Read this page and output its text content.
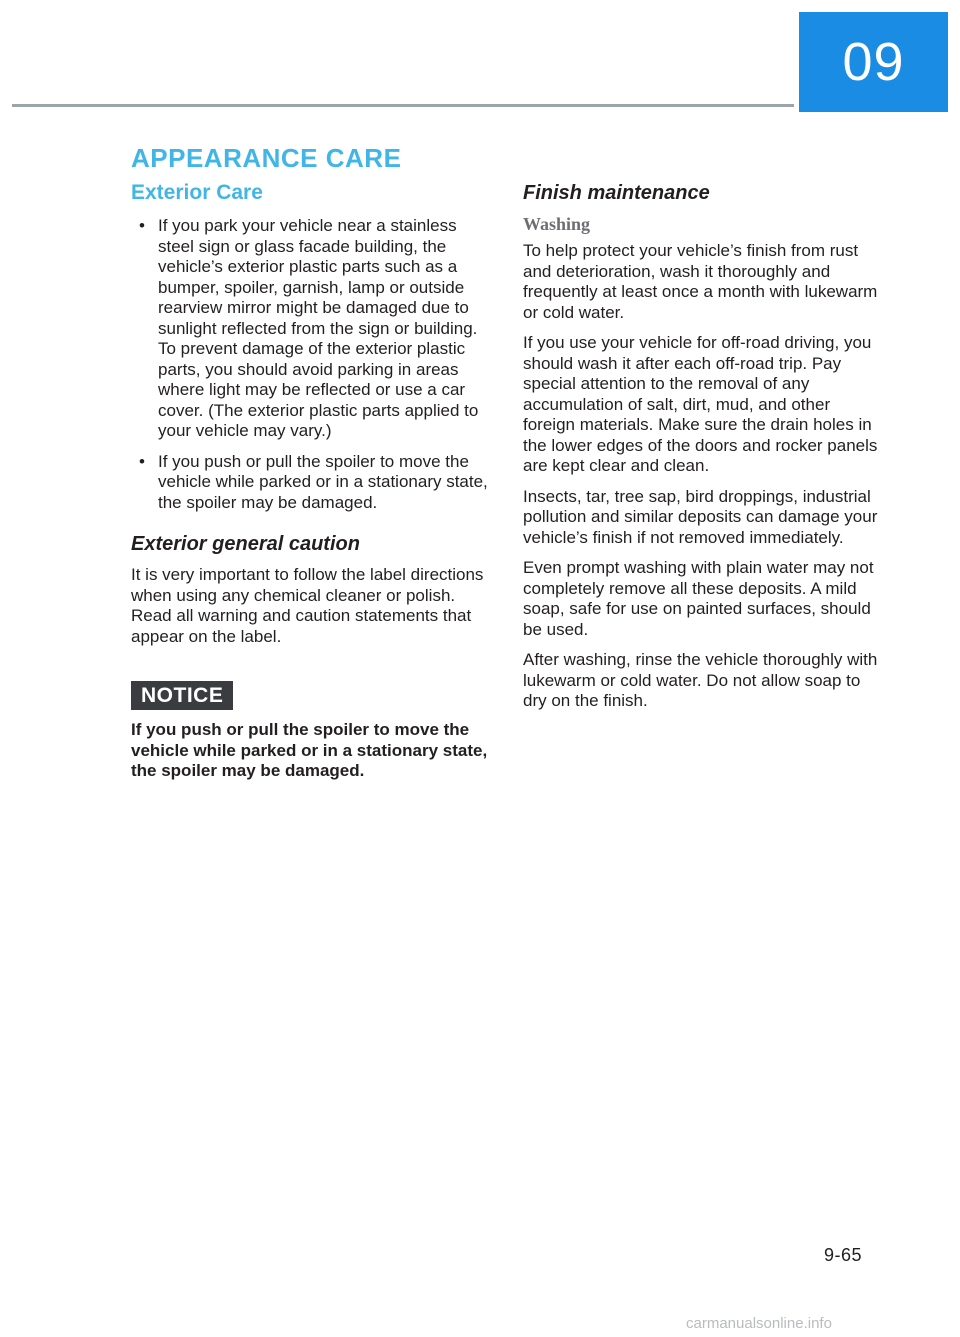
09
APPEARANCE CARE
Exterior Care
• If you park your vehicle near a stainless steel sign or glass facade building, the vehicle’s exterior plastic parts such as a bumper, spoiler, garnish, lamp or outside rearview mirror might be damaged due to sunlight reflected from the sign or building. To prevent damage of the exterior plastic parts, you should avoid parking in areas where light may be reflected or use a car cover. (The exterior plastic parts applied to your vehicle may vary.)
• If you push or pull the spoiler to move the vehicle while parked or in a stationary state, the spoiler may be damaged.
Exterior general caution

It is very important to follow the label directions when using any chemical cleaner or polish. Read all warning and caution statements that appear on the label.

NOTICE

If you push or pull the spoiler to move the vehicle while parked or in a stationary state, the spoiler may be damaged.

Finish maintenance
Washing

To help protect your vehicle’s finish from rust and deterioration, wash it thoroughly and frequently at least once a month with lukewarm or cold water.

If you use your vehicle for off-road driving, you should wash it after each off-road trip. Pay special attention to the removal of any accumulation of salt, dirt, mud, and other foreign materials. Make sure the drain holes in the lower edges of the doors and rocker panels are kept clear and clean.

Insects, tar, tree sap, bird droppings, industrial pollution and similar deposits can damage your vehicle’s finish if not removed immediately.

Even prompt washing with plain water may not completely remove all these deposits. A mild soap, safe for use on painted surfaces, should be used.

After washing, rinse the vehicle thoroughly with lukewarm or cold water. Do not allow soap to dry on the finish.

9-65
carmanualsonline.info
